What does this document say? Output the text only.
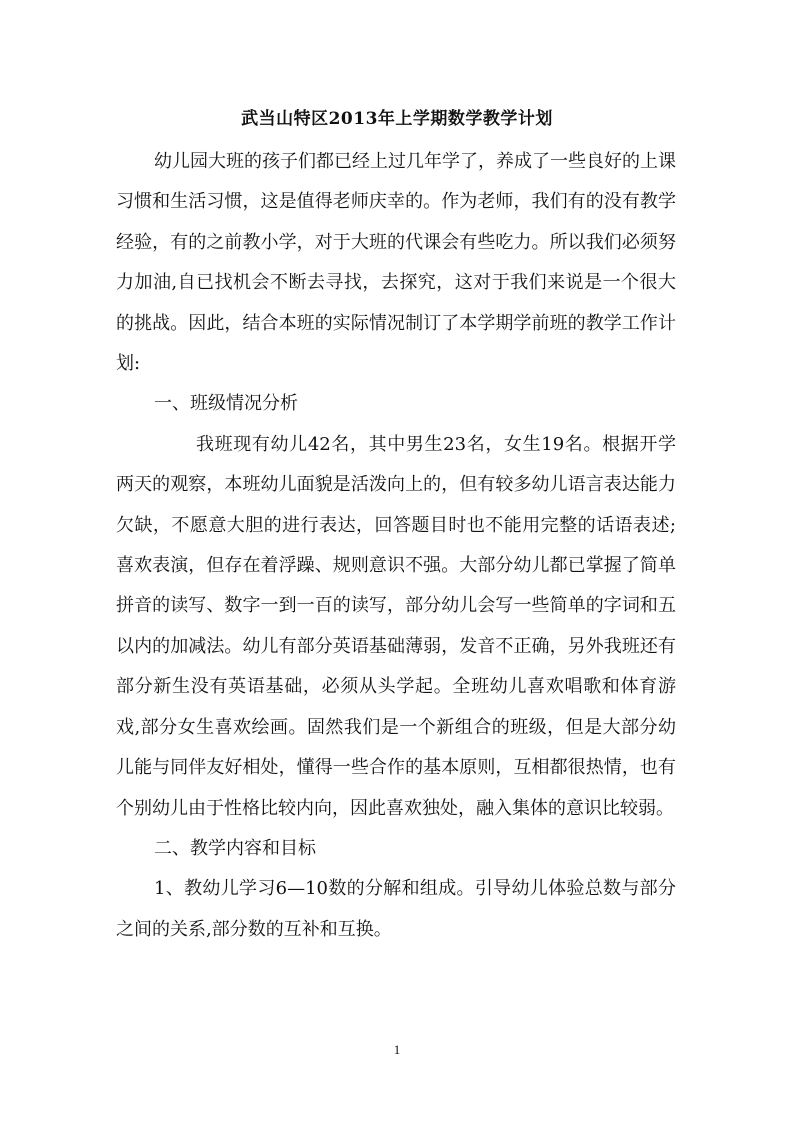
武当山特区2013年上学期数学教学计划

幼儿园大班的孩子们都已经上过几年学了，养成了一些良好的上课习惯和生活习惯，这是值得老师庆幸的。作为老师，我们有的没有教学经验，有的之前教小学，对于大班的代课会有些吃力。所以我们必须努力加油,自已找机会不断去寻找，去探究，这对于我们来说是一个很大的挑战。因此，结合本班的实际情况制订了本学期学前班的教学工作计划:

一、班级情况分析

我班现有幼儿42名，其中男生23名，女生19名。根据开学两天的观察，本班幼儿面貌是活泼向上的，但有较多幼儿语言表达能力欠缺，不愿意大胆的进行表达，回答题目时也不能用完整的话语表述; 喜欢表演，但存在着浮躁、规则意识不强。大部分幼儿都已掌握了简单拼音的读写、数字一到一百的读写，部分幼儿会写一些简单的字词和五以内的加减法。幼儿有部分英语基础薄弱，发音不正确，另外我班还有部分新生没有英语基础，必须从头学起。全班幼儿喜欢唱歌和体育游戏,部分女生喜欢绘画。固然我们是一个新组合的班级，但是大部分幼儿能与同伴友好相处，懂得一些合作的基本原则，互相都很热情，也有个别幼儿由于性格比较内向，因此喜欢独处，融入集体的意识比较弱。

二、教学内容和目标

1、教幼儿学习6—10数的分解和组成。引导幼儿体验总数与部分之间的关系,部分数的互补和互换。

1
